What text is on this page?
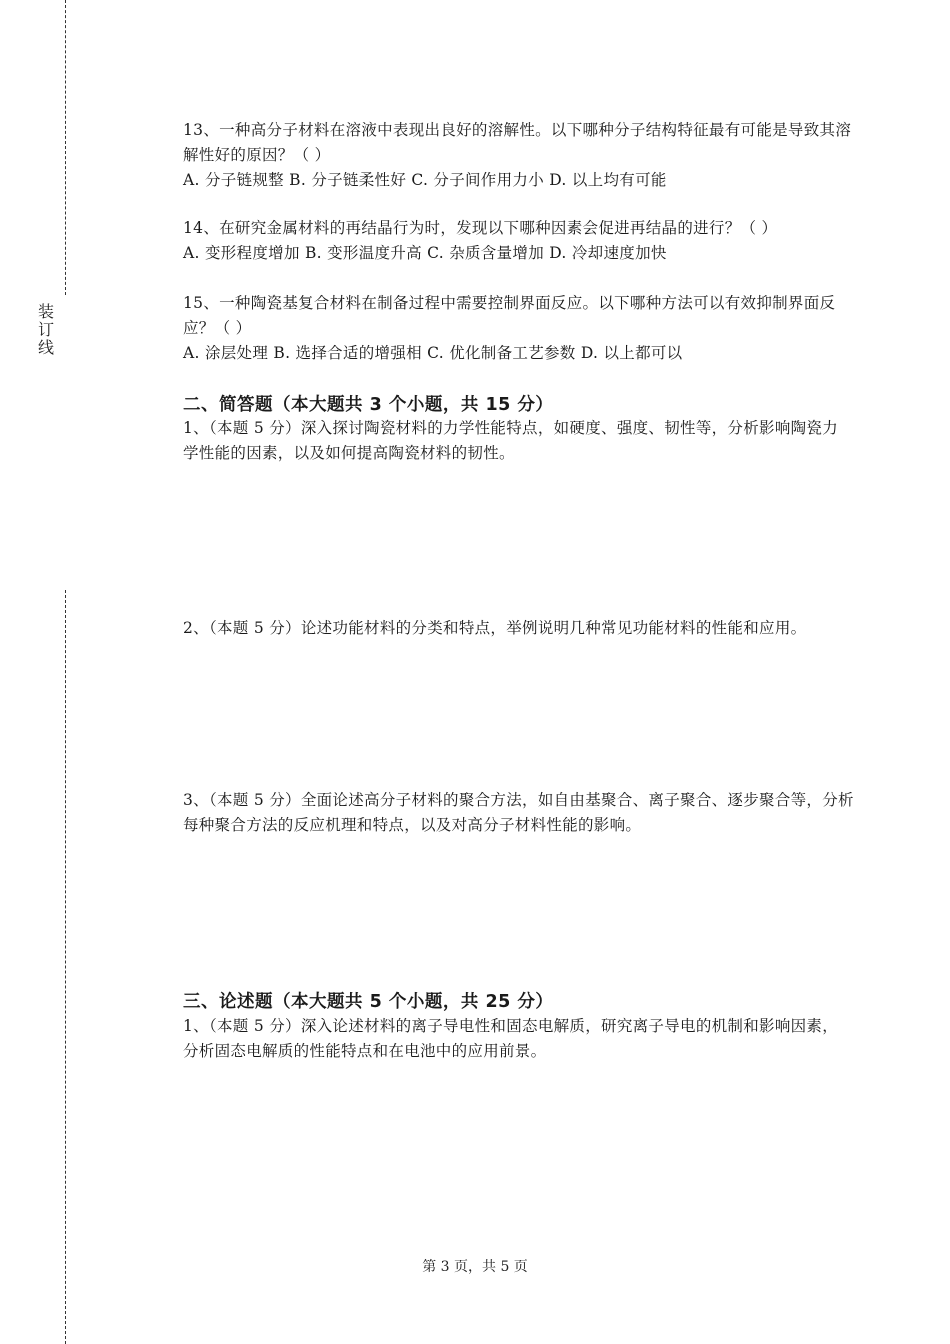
装
订
线

13、一种高分子材料在溶液中表现出良好的溶解性。以下哪种分子结构特征最有可能是导致其溶解性好的原因？（ ）

A. 分子链规整 B. 分子链柔性好 C. 分子间作用力小 D. 以上均有可能

14、在研究金属材料的再结晶行为时，发现以下哪种因素会促进再结晶的进行？（ ）

A. 变形程度增加 B. 变形温度升高 C. 杂质含量增加 D. 冷却速度加快

15、一种陶瓷基复合材料在制备过程中需要控制界面反应。以下哪种方法可以有效抑制界面反应？（ ）

A. 涂层处理 B. 选择合适的增强相 C. 优化制备工艺参数 D. 以上都可以

二、简答题（本大题共 3 个小题，共 15 分）

1、（本题 5 分）深入探讨陶瓷材料的力学性能特点，如硬度、强度、韧性等，分析影响陶瓷力学性能的因素，以及如何提高陶瓷材料的韧性。

2、（本题 5 分）论述功能材料的分类和特点，举例说明几种常见功能材料的性能和应用。

3、（本题 5 分）全面论述高分子材料的聚合方法，如自由基聚合、离子聚合、逐步聚合等，分析每种聚合方法的反应机理和特点，以及对高分子材料性能的影响。

三、论述题（本大题共 5 个小题，共 25 分）

1、（本题 5 分）深入论述材料的离子导电性和固态电解质，研究离子导电的机制和影响因素，分析固态电解质的性能特点和在电池中的应用前景。

第 3 页，共 5 页
